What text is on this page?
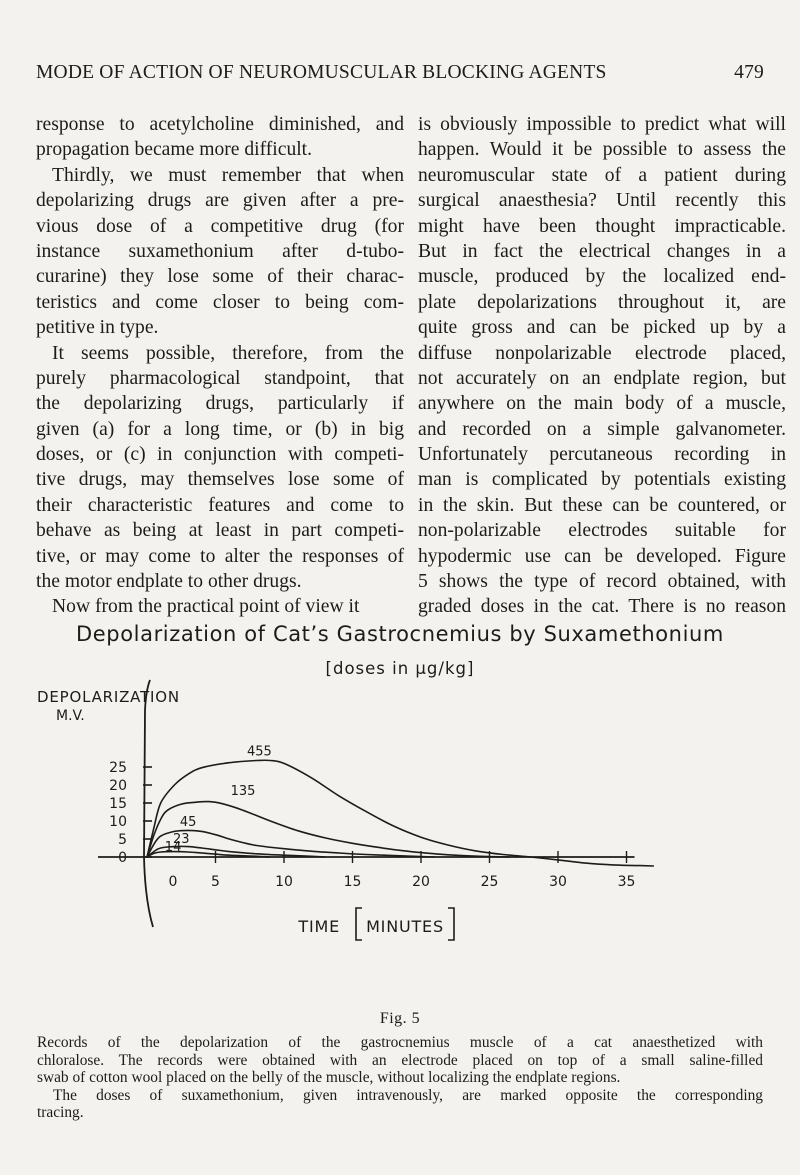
MODE OF ACTION OF NEUROMUSCULAR BLOCKING AGENTS	479
response to acetylcholine diminished, and
propagation became more difficult.
Thirdly, we must remember that when
depolarizing drugs are given after a pre-
vious dose of a competitive drug (for
instance suxamethonium after d-tubo-
curarine) they lose some of their charac-
teristics and come closer to being com-
petitive in type.
It seems possible, therefore, from the
purely pharmacological standpoint, that
the depolarizing drugs, particularly if
given (a) for a long time, or (b) in big
doses, or (c) in conjunction with competi-
tive drugs, may themselves lose some of
their characteristic features and come to
behave as being at least in part competi-
tive, or may come to alter the responses of
the motor endplate to other drugs.
Now from the practical point of view it
is obviously impossible to predict what will
happen. Would it be possible to assess the
neuromuscular state of a patient during
surgical anaesthesia? Until recently this
might have been thought impracticable.
But in fact the electrical changes in a
muscle, produced by the localized end-
plate depolarizations throughout it, are
quite gross and can be picked up by a
diffuse nonpolarizable electrode placed,
not accurately on an endplate region, but
anywhere on the main body of a muscle,
and recorded on a simple galvanometer.
Unfortunately percutaneous recording in
man is complicated by potentials existing
in the skin. But these can be countered, or
non-polarizable electrodes suitable for
hypodermic use can be developed. Figure
5 shows the type of record obtained, with
graded doses in the cat. There is no reason
Depolarization of Cat’s Gastrocnemius by Suxamethonium
[doses in µg/kg]
DEPOLARIZATION
M.V.
0
5
10
15
20
25
0 5	10	15	20	25	30	35
TIME MINUTES
455
135
45
23
14
Fig. 5
Records of the depolarization of the gastrocnemius muscle of a cat anaesthetized with
chloralose. The records were obtained with an electrode placed on top of a small saline-filled
swab of cotton wool placed on the belly of the muscle, without localizing the endplate regions.
The doses of suxamethonium, given intravenously, are marked opposite the corresponding
tracing.
